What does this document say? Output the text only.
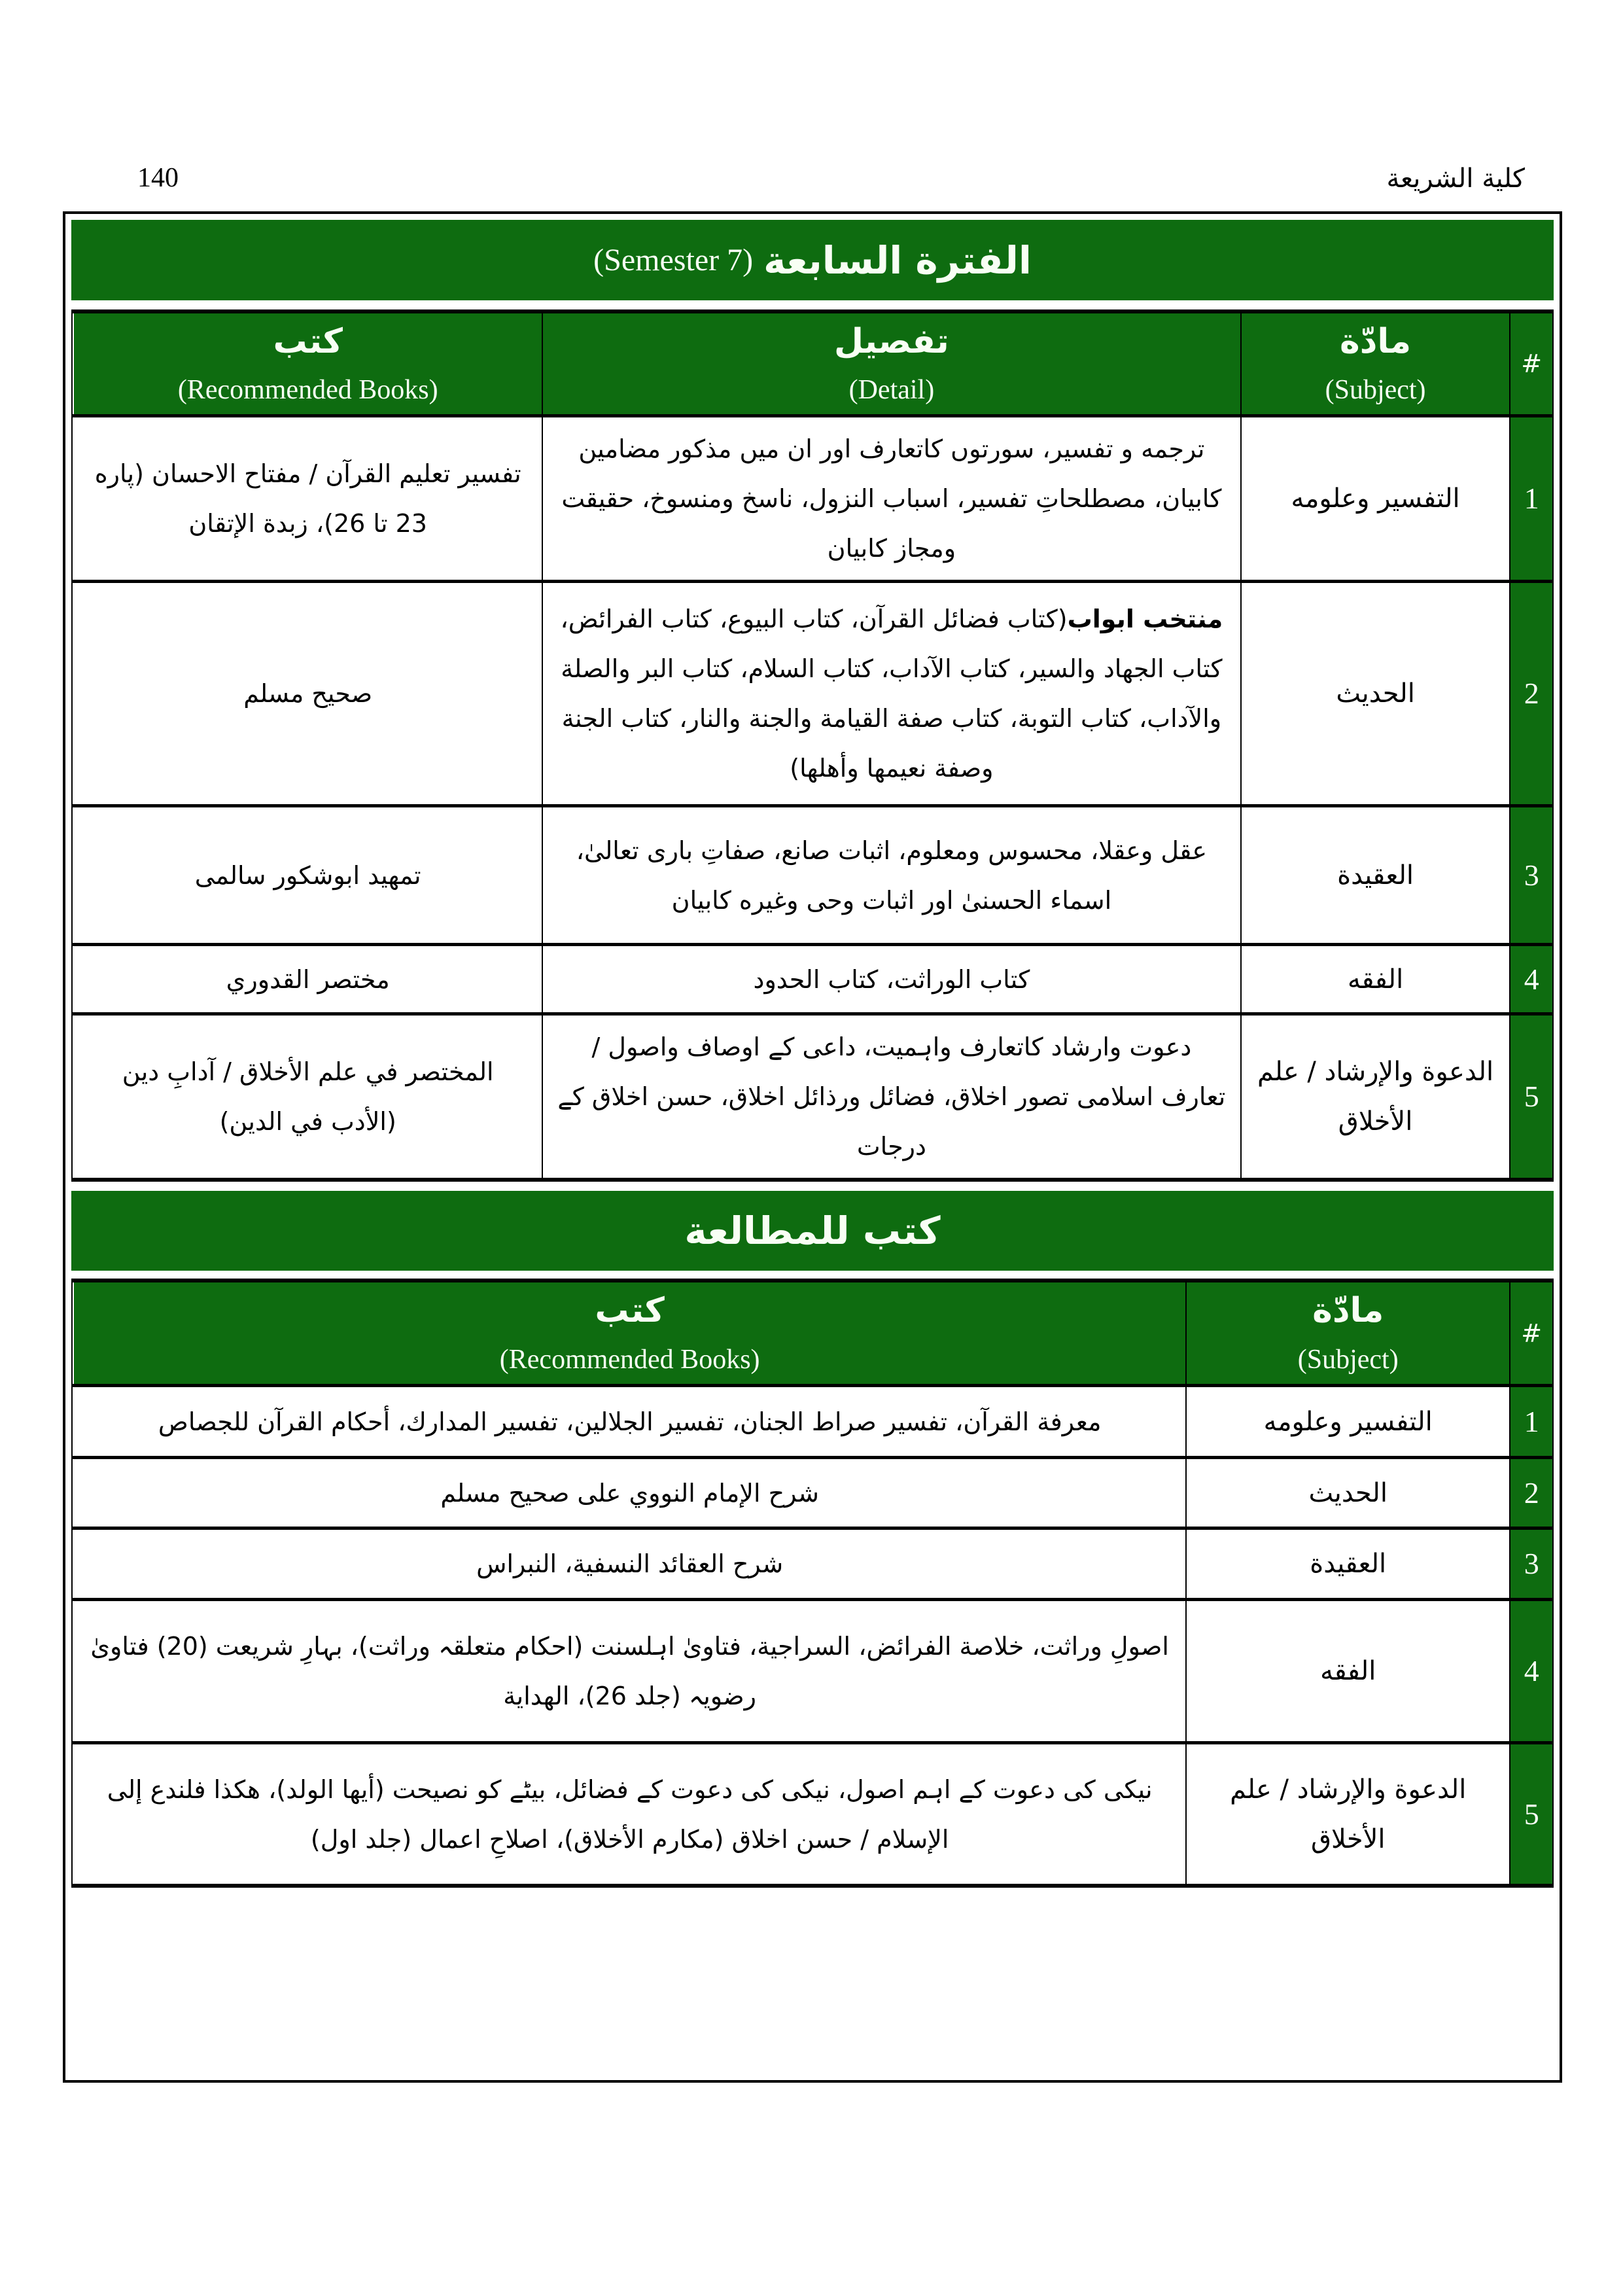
140	كلية الشريعة
الفترة السابعة
(Semester 7)
#
مادّة
(Subject)
تفصيل
(Detail)
كتب
(Recommended Books)
1
التفسير وعلومه
ترجمه و تفسير، سورتوں كاتعارف اور ان ميں مذكور مضامين كابيان، مصطلحاتِ تفسير، اسباب النزول، ناسخ ومنسوخ، حقيقت ومجاز كابيان
تفسير تعليم القرآن / مفتاح الاحسان (پاره 23 تا 26)، زبدة الإتقان
2
الحديث
منتخب ابواب(كتاب فضائل القرآن، كتاب البيوع، كتاب الفرائض، كتاب الجهاد والسير، كتاب الآداب، كتاب السلام، كتاب البر والصلة والآداب، كتاب التوبة، كتاب صفة القيامة والجنة والنار، كتاب الجنة وصفة نعيمها وأهلها)
صحيح مسلم
3
العقيدة
عقل وعقلا، محسوس ومعلوم، اثبات صانع، صفاتِ بارى تعالىٰ، اسماء الحسنىٰ اور اثبات وحى وغيره كابيان
تمهيد ابوشكور سالمى
4
الفقه
كتاب الوراثت، كتاب الحدود
مختصر القدوري
5
الدعوة والإرشاد / علم الأخلاق
دعوت وارشاد كاتعارف واہميت، داعى كے اوصاف واصول / تعارف اسلامى تصور اخلاق، فضائل ورذائل اخلاق، حسن اخلاق كے درجات
المختصر في علم الأخلاق / آدابِ دين (الأدب في الدين)
كتب للمطالعة
#
مادّة
(Subject)
كتب
(Recommended Books)
1
التفسير وعلومه
معرفة القرآن، تفسير صراط الجنان، تفسير الجلالين، تفسير المدارك، أحكام القرآن للجصاص
2
الحديث
شرح الإمام النووي على صحيح مسلم
3
العقيدة
شرح العقائد النسفية، النبراس
4
الفقه
اصولِ وراثت، خلاصة الفرائض، السراجية، فتاوىٰ اہلسنت (احكام متعلقہ وراثت)، بہارِ شريعت (20) فتاوىٰ رضويہ (جلد 26)، الهداية
5
الدعوة والإرشاد / علم الأخلاق
نيكى كى دعوت كے اہم اصول، نيكى كى دعوت كے فضائل، بيٹے كو نصيحت (أيها الولد)، هكذا فلندع إلى الإسلام / حسن اخلاق (مكارم الأخلاق)، اصلاحِ اعمال (جلد اول)
